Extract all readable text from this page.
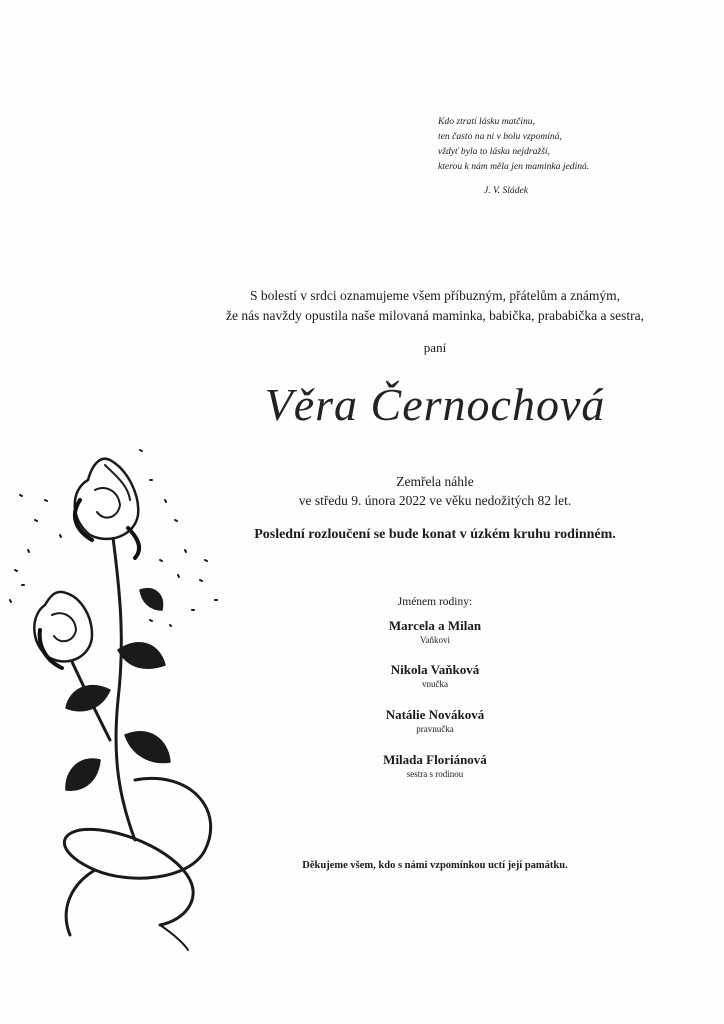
Kdo ztratí lásku matčinu,
ten často na ni v bolu vzpomíná,
vždyť byla to láska nejdražší,
kterou k nám měla jen maminka jediná.
J. V. Sládek
S bolestí v srdci oznamujeme všem příbuzným, přátelům a známým,
že nás navždy opustila naše milovaná maminka, babička, prababička a sestra,
paní
Věra Černochová
Zemřela náhle
ve středu 9. února 2022 ve věku nedožitých 82 let.
Poslední rozloučení se bude konat v úzkém kruhu rodinném.
Jménem rodiny:
Marcela a Milan
Vaňkovi
Nikola Vaňková
vnučka
Natálie Nováková
pravnučka
Milada Floriánová
sestra s rodinou
Děkujeme všem, kdo s námi vzpomínkou uctí její památku.
